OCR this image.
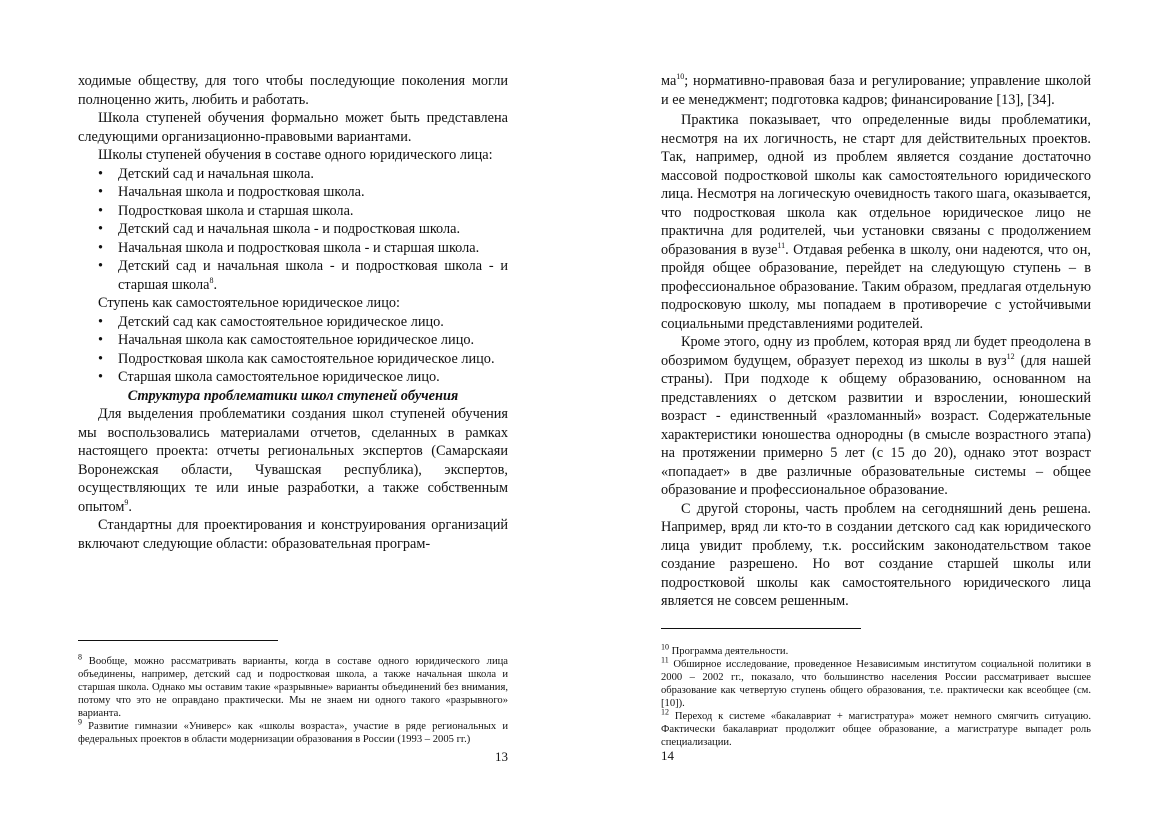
ходимые обществу, для того чтобы последующие поколения могли полноценно жить, любить и работать.

Школа ступеней обучения формально может быть представлена следующими организационно-правовыми вариантами.

Школы ступеней обучения в составе одного юридического лица:

• Детский сад и начальная школа.
• Начальная школа и подростковая школа.
• Подростковая школа и старшая школа.
• Детский сад и начальная школа - и подростковая школа.
• Начальная школа и подростковая школа - и старшая школа.
• Детский сад и начальная школа - и подростковая школа - и старшая школа$^8$.

Ступень как самостоятельное юридическое лицо:

• Детский сад как самостоятельное юридическое лицо.
• Начальная школа как самостоятельное юридическое лицо.
• Подростковая школа как самостоятельное юридическое лицо.
• Старшая школа самостоятельное юридическое лицо.

Структура проблематики школ ступеней обучения

Для выделения проблематики создания школ ступеней обучения мы воспользовались материалами отчетов, сделанных в рамках настоящего проекта: отчеты региональных экспертов (Самарскаяи Воронежская области, Чувашская республика), экспертов, осуществляющих те или иные разработки, а также собственным опытом$^9$.

Стандартны для проектирования и конструирования организаций включают следующие области: образовательная програм-

$^8$ Вообще, можно рассматривать варианты, когда в составе одного юридического лица объединены, например, детский сад и подростковая школа, а также начальная школа и старшая школа. Однако мы оставим такие «разрывные» варианты объединений без внимания, потому что это не оправдано практически. Мы не знаем ни одного такого «разрывного» варианта.

$^9$ Развитие гимназии «Универс» как «школы возраста», участие в ряде региональных и федеральных проектов в области модернизации образования в России (1993 – 2005 гг.)

13

$ма^{10}$; нормативно-правовая база и регулирование; управление школой и ее менеджмент; подготовка кадров; финансирование [13], [34].

Практика показывает, что определенные виды проблематики, несмотря на их логичность, не старт для действительных проектов. Так, например, одной из проблем является создание достаточно массовой подростковой школы как самостоятельного юридического лица. Несмотря на логическую очевидность такого шага, оказывается, что подростковая школа как отдельное юридическое лицо не практична для родителей, чьи установки связаны с продолжением образования в вузе$^{11}$. Отдавая ребенка в школу, они надеются, что он, пройдя общее образование, перейдет на следующую ступень – в профессиональное образование. Таким образом, предлагая отдельную подросковую школу, мы попадаем в противоречие с устойчивыми социальными представлениями родителей.

Кроме этого, одну из проблем, которая вряд ли будет преодолена в обозримом будущем, образует переход из школы в вуз$^{12}$ (для нашей страны). При подходе к общему образованию, основанном на представлениях о детском развитии и взрослении, юношеский возраст - единственный «разломанный» возраст. Содержательные характеристики юношества однородны (в смысле возрастного этапа) на протяжении примерно 5 лет (с 15 до 20), однако этот возраст «попадает» в две различные образовательные системы – общее образование и профессиональное образование.

С другой стороны, часть проблем на сегодняшний день решена. Например, вряд ли кто-то в создании детского сад как юридического лица увидит проблему, т.к. российским законодательством такое создание разрешено. Но вот создание старшей школы или подростковой школы как самостоятельного юридического лица является не совсем решенным.

$^{10}$ Программа деятельности.

$^{11}$ Обширное исследование, проведенное Независимым институтом социальной политики в 2000 – 2002 гг., показало, что большинство населения России рассматривает высшее образование как четвертую ступень общего образования, т.е. практически как всеобщее (см. [10]).

$^{12}$ Переход к системе «бакалавриат + магистратура» может немного смягчить ситуацию. Фактически бакалавриат продолжит общее образование, а магистратуре выпадет роль специализации.

14
